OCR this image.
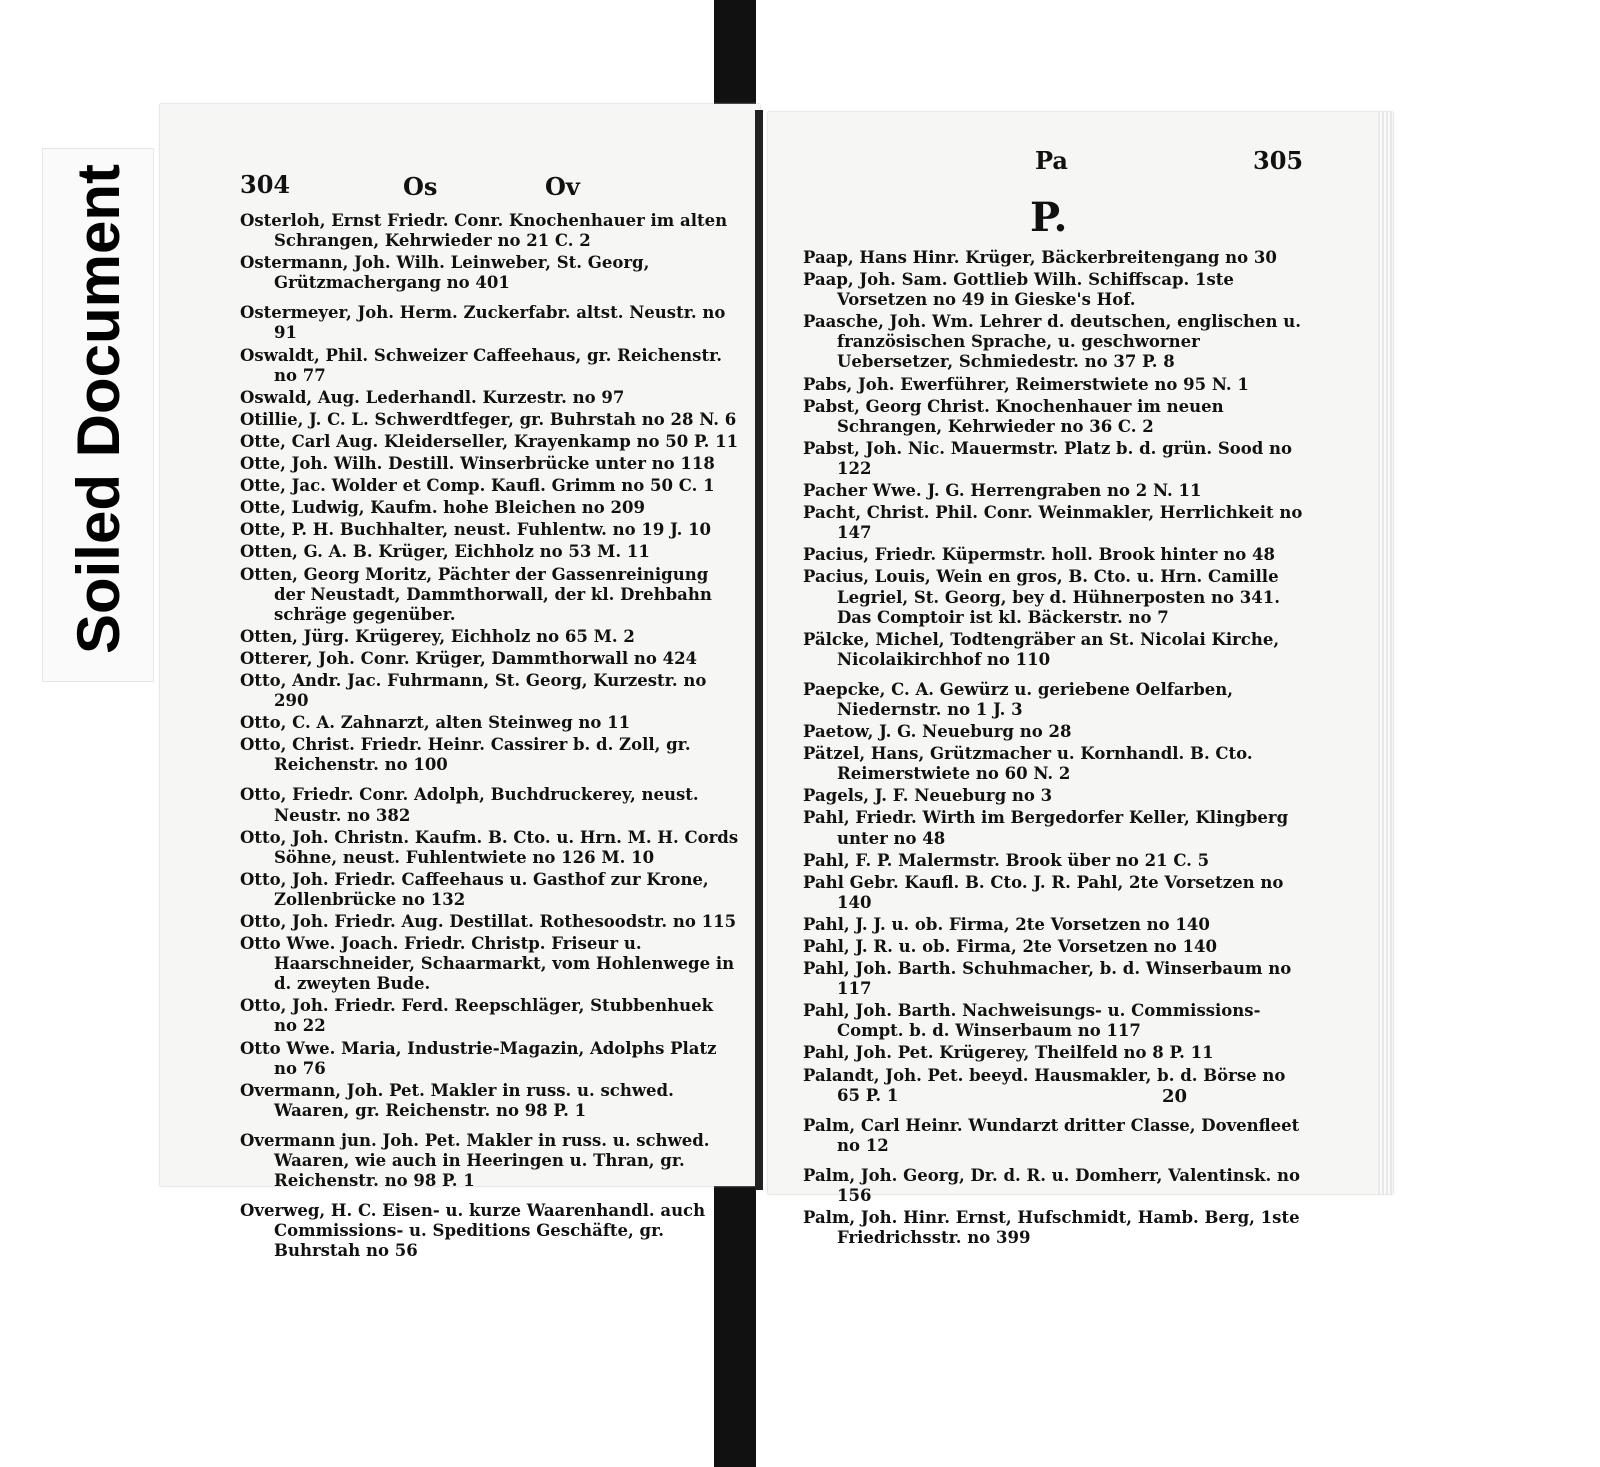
Soiled Document	304	Os	Ov
Pa	305
P.
Osterloh, Ernst Friedr. Conr. Knochenhauer im alten Schrangen, Kehrwieder no 21 C. 2
Ostermann, Joh. Wilh. Leinweber, St. Georg, Grützmachergang no 401
Ostermeyer, Joh. Herm. Zuckerfabr. altst. Neustr. no 91
Oswaldt, Phil. Schweizer Caffeehaus, gr. Reichenstr. no 77
Oswald, Aug. Lederhandl. Kurzestr. no 97
Otillie, J. C. L. Schwerdtfeger, gr. Buhrstah no 28 N. 6
Otte, Carl Aug. Kleiderseller, Krayenkamp no 50 P. 11
Otte, Joh. Wilh. Destill. Winserbrücke unter no 118
Otte, Jac. Wolder et Comp. Kaufl. Grimm no 50 C. 1
Otte, Ludwig, Kaufm. hohe Bleichen no 209
Otte, P. H. Buchhalter, neust. Fuhlentw. no 19 J. 10
Otten, G. A. B. Krüger, Eichholz no 53 M. 11
Otten, Georg Moritz, Pächter der Gassenreinigung der Neustadt, Dammthorwall, der kl. Drehbahn schräge gegenüber.
Otten, Jürg. Krügerey, Eichholz no 65 M. 2
Otterer, Joh. Conr. Krüger, Dammthorwall no 424
Otto, Andr. Jac. Fuhrmann, St. Georg, Kurzestr. no 290
Otto, C. A. Zahnarzt, alten Steinweg no 11
Otto, Christ. Friedr. Heinr. Cassirer b. d. Zoll, gr. Reichenstr. no 100
Otto, Friedr. Conr. Adolph, Buchdruckerey, neust. Neustr. no 382
Otto, Joh. Christn. Kaufm. B. Cto. u. Hrn. M. H. Cords Söhne, neust. Fuhlentwiete no 126 M. 10
Otto, Joh. Friedr. Caffeehaus u. Gasthof zur Krone, Zollenbrücke no 132
Otto, Joh. Friedr. Aug. Destillat. Rothesoodstr. no 115
Otto Wwe. Joach. Friedr. Christp. Friseur u. Haarschneider, Schaarmarkt, vom Hohlenwege in d. zweyten Bude.
Otto, Joh. Friedr. Ferd. Reepschläger, Stubbenhuek no 22
Otto Wwe. Maria, Industrie-Magazin, Adolphs Platz no 76
Overmann, Joh. Pet. Makler in russ. u. schwed. Waaren, gr. Reichenstr. no 98 P. 1
Overmann jun. Joh. Pet. Makler in russ. u. schwed. Waaren, wie auch in Heeringen u. Thran, gr. Reichenstr. no 98 P. 1
Overweg, H. C. Eisen- u. kurze Waarenhandl. auch Commissions- u. Speditions Geschäfte, gr. Buhrstah no 56
Paap, Hans Hinr. Krüger, Bäckerbreitengang no 30
Paap, Joh. Sam. Gottlieb Wilh. Schiffscap. 1ste Vorsetzen no 49 in Gieske's Hof.
Paasche, Joh. Wm. Lehrer d. deutschen, englischen u. französischen Sprache, u. geschworner Uebersetzer, Schmiedestr. no 37 P. 8
Pabs, Joh. Ewerführer, Reimerstwiete no 95 N. 1
Pabst, Georg Christ. Knochenhauer im neuen Schrangen, Kehrwieder no 36 C. 2
Pabst, Joh. Nic. Mauermstr. Platz b. d. grün. Sood no 122
Pacher Wwe. J. G. Herrengraben no 2 N. 11
Pacht, Christ. Phil. Conr. Weinmakler, Herrlichkeit no 147
Pacius, Friedr. Küpermstr. holl. Brook hinter no 48
Pacius, Louis, Wein en gros, B. Cto. u. Hrn. Camille Legriel, St. Georg, bey d. Hühnerposten no 341. Das Comptoir ist kl. Bäckerstr. no 7
Pälcke, Michel, Todtengräber an St. Nicolai Kirche, Nicolaikirchhof no 110
Paepcke, C. A. Gewürz u. geriebene Oelfarben, Niedernstr. no 1 J. 3
Paetow, J. G. Neueburg no 28
Pätzel, Hans, Grützmacher u. Kornhandl. B. Cto. Reimerstwiete no 60 N. 2
Pagels, J. F. Neueburg no 3
Pahl, Friedr. Wirth im Bergedorfer Keller, Klingberg unter no 48
Pahl, F. P. Malermstr. Brook über no 21 C. 5
Pahl Gebr. Kaufl. B. Cto. J. R. Pahl, 2te Vorsetzen no 140
Pahl, J. J. u. ob. Firma, 2te Vorsetzen no 140
Pahl, J. R. u. ob. Firma, 2te Vorsetzen no 140
Pahl, Joh. Barth. Schuhmacher, b. d. Winserbaum no 117
Pahl, Joh. Barth. Nachweisungs- u. Commissions-Compt. b. d. Winserbaum no 117
Pahl, Joh. Pet. Krügerey, Theilfeld no 8 P. 11
Palandt, Joh. Pet. beeyd. Hausmakler, b. d. Börse no 65 P. 1
Palm, Carl Heinr. Wundarzt dritter Classe, Dovenfleet no 12
Palm, Joh. Georg, Dr. d. R. u. Domherr, Valentinsk. no 156
Palm, Joh. Hinr. Ernst, Hufschmidt, Hamb. Berg, 1ste Friedrichsstr. no 399
20
